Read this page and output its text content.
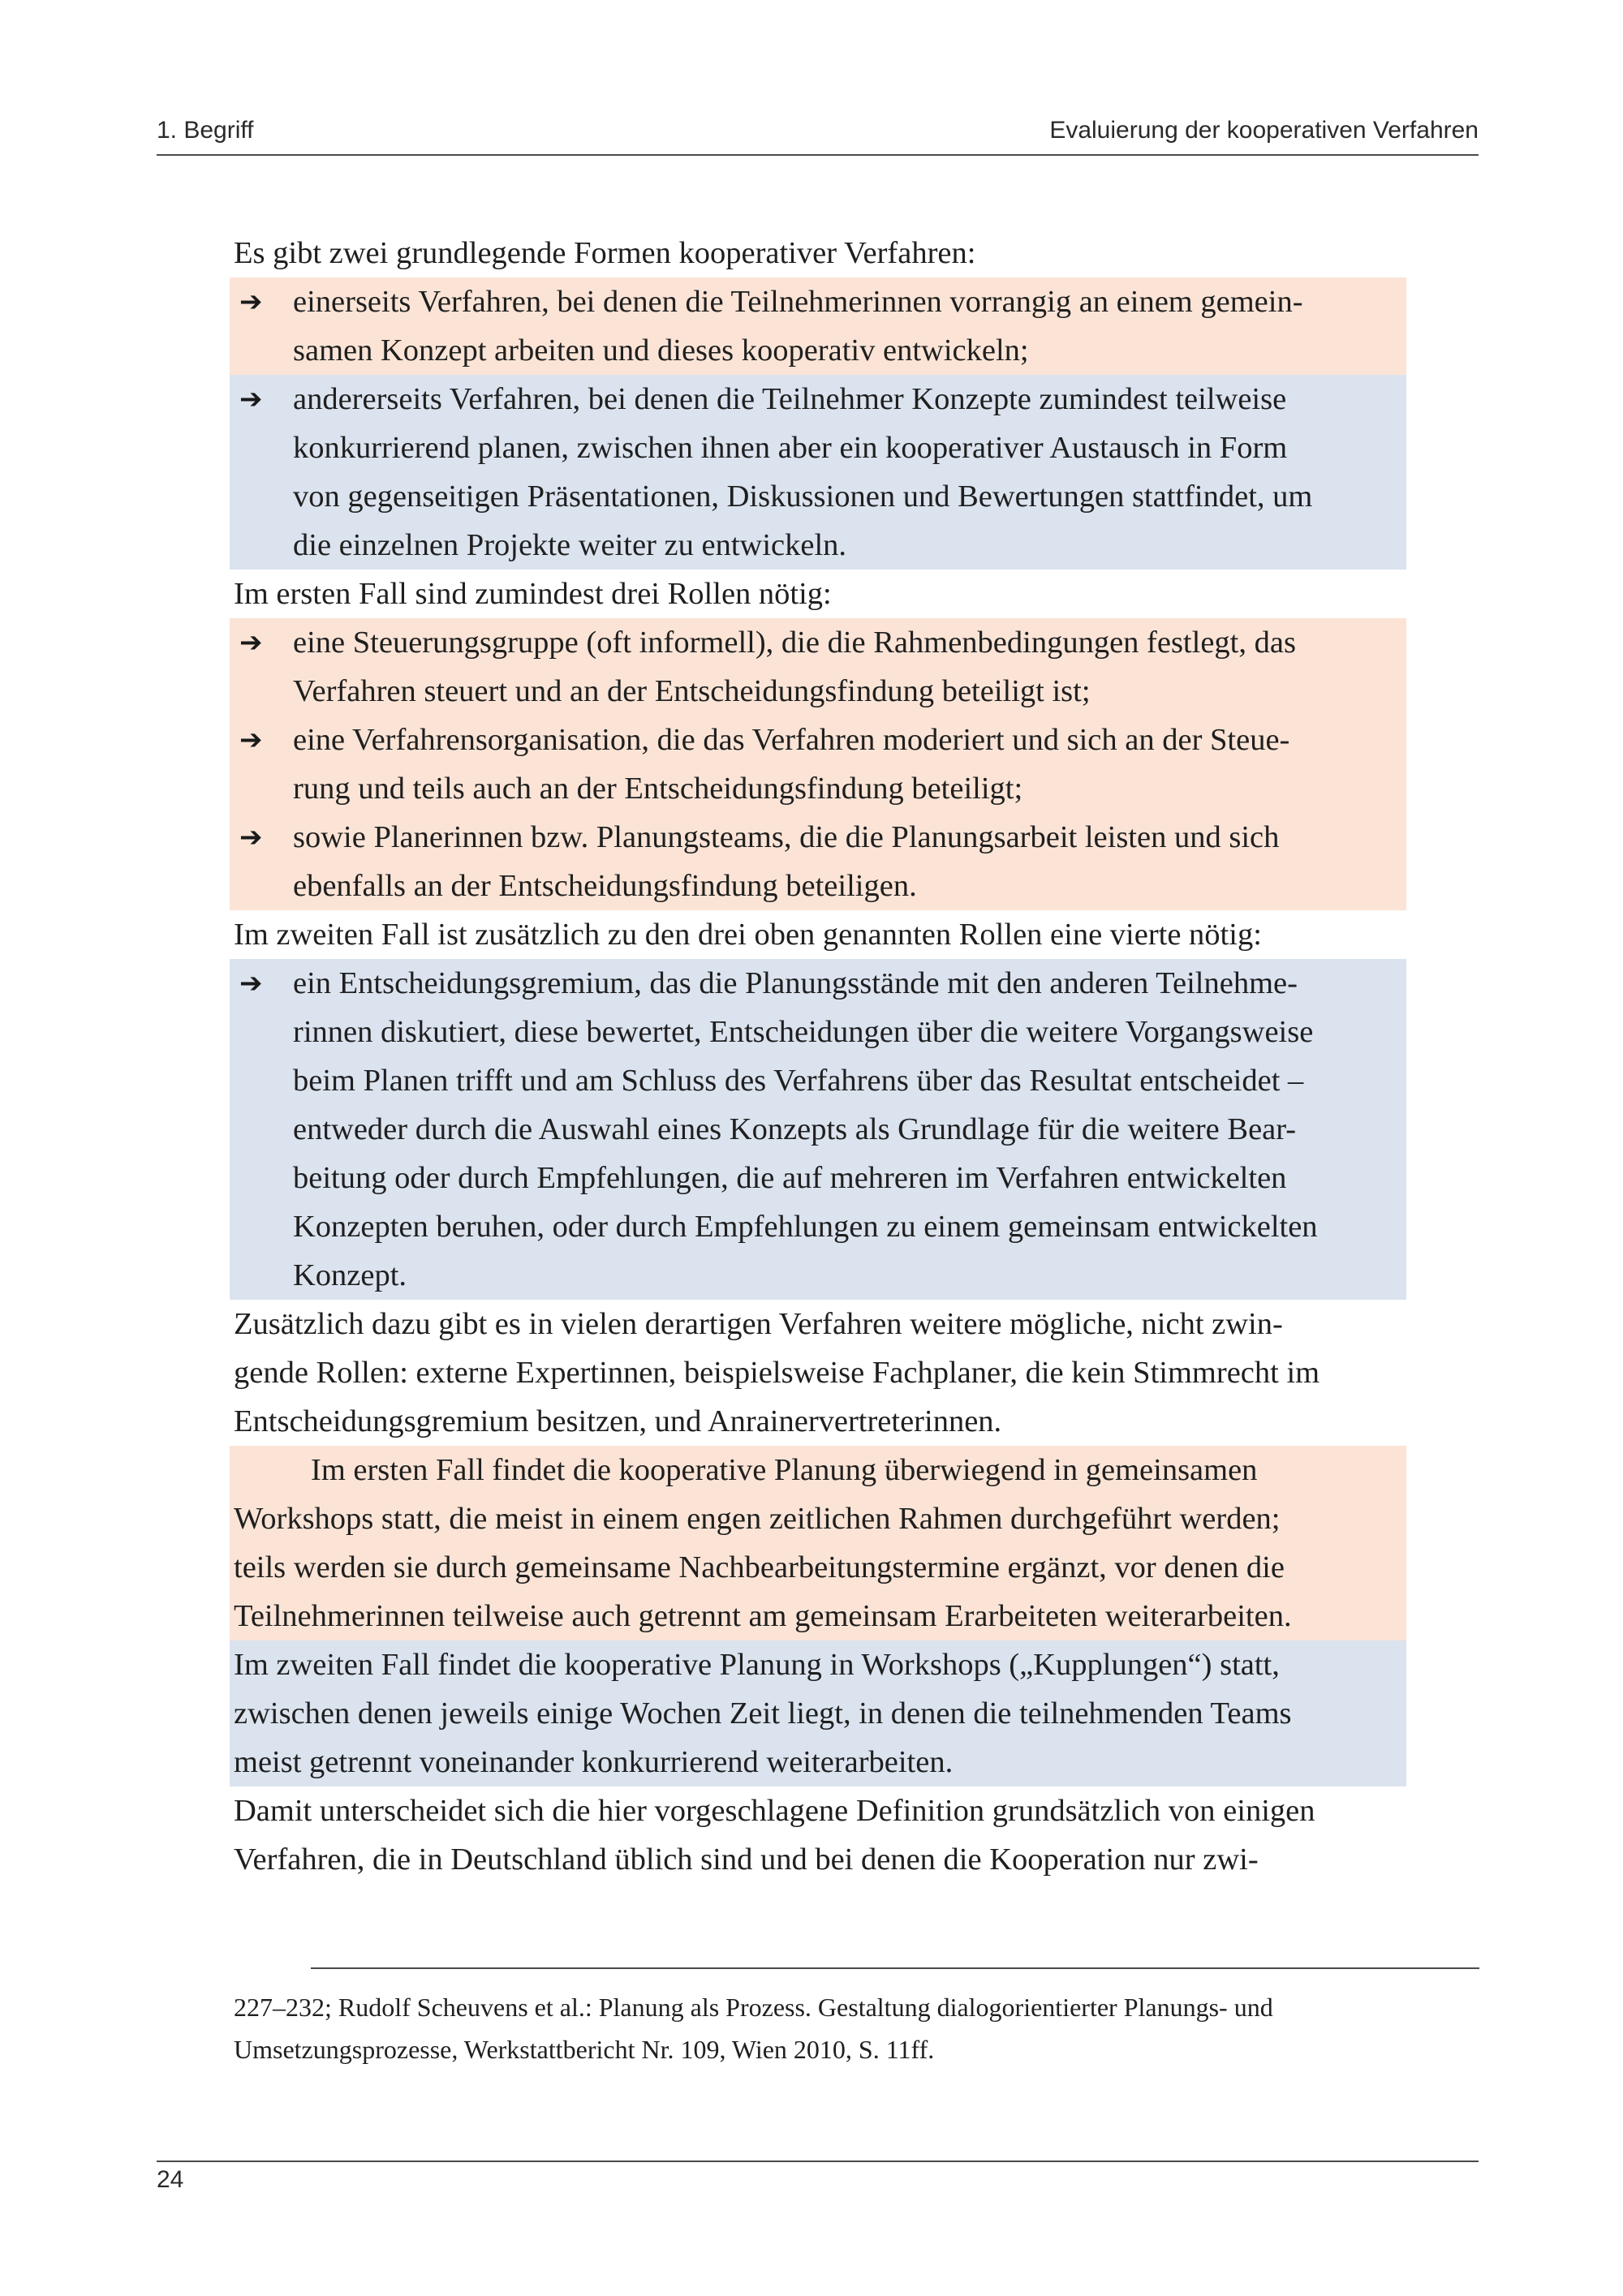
1. Begriff	Evaluierung der kooperativen Verfahren
Es gibt zwei grundlegende Formen kooperativer Verfahren:
➔ einerseits Verfahren, bei denen die Teilnehmerinnen vorrangig an einem gemein-
samen Konzept arbeiten und dieses kooperativ entwickeln;
➔ andererseits Verfahren, bei denen die Teilnehmer Konzepte zumindest teilweise
konkurrierend planen, zwischen ihnen aber ein kooperativer Austausch in Form
von gegenseitigen Präsentationen, Diskussionen und Bewertungen stattfindet, um
die einzelnen Projekte weiter zu entwickeln.
Im ersten Fall sind zumindest drei Rollen nötig:
➔ eine Steuerungsgruppe (oft informell), die die Rahmenbedingungen festlegt, das
Verfahren steuert und an der Entscheidungsfindung beteiligt ist;
➔ eine Verfahrensorganisation, die das Verfahren moderiert und sich an der Steue-
rung und teils auch an der Entscheidungsfindung beteiligt;
➔ sowie Planerinnen bzw. Planungsteams, die die Planungsarbeit leisten und sich
ebenfalls an der Entscheidungsfindung beteiligen.
Im zweiten Fall ist zusätzlich zu den drei oben genannten Rollen eine vierte nötig:
➔ ein Entscheidungsgremium, das die Planungsstände mit den anderen Teilnehme-
rinnen diskutiert, diese bewertet, Entscheidungen über die weitere Vorgangsweise
beim Planen trifft und am Schluss des Verfahrens über das Resultat entscheidet –
entweder durch die Auswahl eines Konzepts als Grundlage für die weitere Bear-
beitung oder durch Empfehlungen, die auf mehreren im Verfahren entwickelten
Konzepten beruhen, oder durch Empfehlungen zu einem gemeinsam entwickelten
Konzept.
Zusätzlich dazu gibt es in vielen derartigen Verfahren weitere mögliche, nicht zwin-
gende Rollen: externe Expertinnen, beispielsweise Fachplaner, die kein Stimmrecht im
Entscheidungsgremium besitzen, und Anrainervertreterinnen.
Im ersten Fall findet die kooperative Planung überwiegend in gemeinsamen
Workshops statt, die meist in einem engen zeitlichen Rahmen durchgeführt werden;
teils werden sie durch gemeinsame Nachbearbeitungstermine ergänzt, vor denen die
Teilnehmerinnen teilweise auch getrennt am gemeinsam Erarbeiteten weiterarbeiten.
Im zweiten Fall findet die kooperative Planung in Workshops („Kupplungen“) statt,
zwischen denen jeweils einige Wochen Zeit liegt, in denen die teilnehmenden Teams
meist getrennt voneinander konkurrierend weiterarbeiten.
Damit unterscheidet sich die hier vorgeschlagene Definition grundsätzlich von einigen
Verfahren, die in Deutschland üblich sind und bei denen die Kooperation nur zwi-
227–232; Rudolf Scheuvens et al.: Planung als Prozess. Gestaltung dialogorientierter Planungs- und
Umsetzungsprozesse, Werkstattbericht Nr. 109, Wien 2010, S. 11ff.
24
